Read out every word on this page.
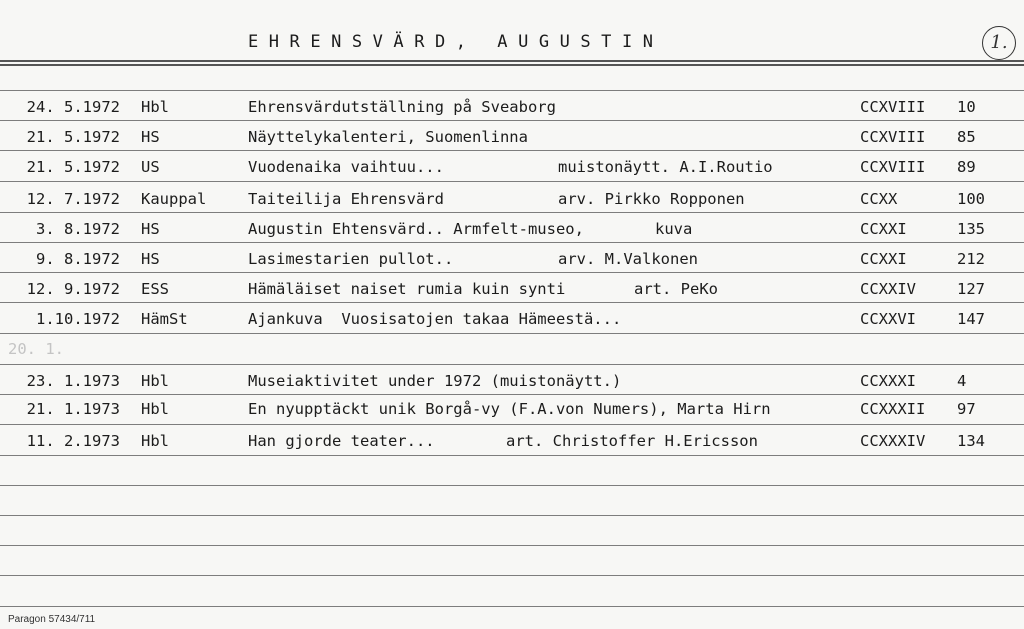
EHRENSVÄRD, AUGUSTIN	1.
24. 5.1972 Hbl	Ehrensvärdutställning på Sveaborg	CCXVIII 10
21. 5.1972 HS	Näyttelykalenteri, Suomenlinna	CCXVIII 85
21. 5.1972 US	Vuodenaika vaihtuu...	muistonäytt. A.I.Routio	CCXVIII 89
12. 7.1972 Kauppal	Taiteilija Ehrensvärd	arv. Pirkko Ropponen	CCXX	100
3. 8.1972 HS	Augustin Ehtensvärd.. Armfelt-museo,	kuva	CCXXI	135
9. 8.1972 HS	Lasimestarien pullot..	arv. M.Valkonen	CCXXI	212
12. 9.1972 ESS	Hämäläiset naiset rumia kuin synti	art. PeKo	CCXXIV	127
1.10.1972 HämSt	Ajankuva  Vuosisatojen takaa Hämeestä...	CCXXVI	147
20. 1.
23. 1.1973 Hbl	Museiaktivitet under 1972 (muistonäytt.)	CCXXXI	4
21. 1.1973 Hbl	En nyupptäckt unik Borgå-vy (F.A.von Numers), Marta Hirn	CCXXXII 97
11. 2.1973 Hbl	Han gjorde teater...	art. Christoffer H.Ericsson	CCXXXIV 134
Paragon 57434/711
